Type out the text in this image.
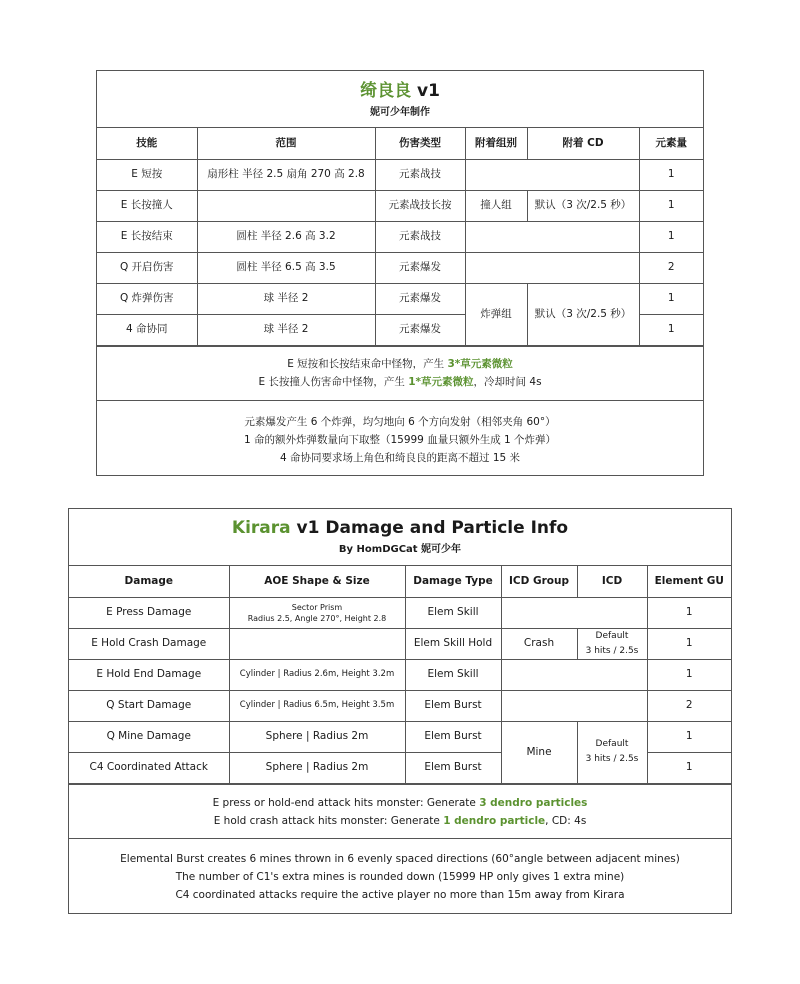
绮良良 v1
妮可少年制作
技能	范围	伤害类型	附着组别	附着 CD	元素量
E 短按	扇形柱 半径 2.5 扇角 270 高 2.8	元素战技			1
E 长按撞人		元素战技长按	撞人组	默认（3 次/2.5 秒）	1
E 长按结束	圆柱 半径 2.6 高 3.2	元素战技			1
Q 开启伤害	圆柱 半径 6.5 高 3.5	元素爆发			2
Q 炸弹伤害	球 半径 2	元素爆发	炸弹组	默认（3 次/2.5 秒）	1
4 命协同	球 半径 2	元素爆发			1
E 短按和长按结束命中怪物，产生 3*草元素微粒
E 长按撞人伤害命中怪物，产生 1*草元素微粒，冷却时间 4s
元素爆发产生 6 个炸弹，均匀地向 6 个方向发射（相邻夹角 60°）
1 命的额外炸弹数量向下取整（15999 血量只额外生成 1 个炸弹）
4 命协同要求场上角色和绮良良的距离不超过 15 米
Kirara v1 Damage and Particle Info
By HomDGCat 妮可少年
Damage	AOE Shape & Size	Damage Type	ICD Group	ICD	Element GU
E Press Damage	Sector Prism
Radius 2.5, Angle 270°, Height 2.8	Elem Skill			1
E Hold Crash Damage		Elem Skill Hold	Crash	Default
3 hits / 2.5s	1
E Hold End Damage	Cylinder | Radius 2.6m, Height 3.2m	Elem Skill			1
Q Start Damage	Cylinder | Radius 6.5m, Height 3.5m	Elem Burst			2
Q Mine Damage	Sphere | Radius 2m	Elem Burst	Mine	Default
3 hits / 2.5s	1
C4 Coordinated Attack	Sphere | Radius 2m	Elem Burst			1
E press or hold-end attack hits monster: Generate 3 dendro particles
E hold crash attack hits monster: Generate 1 dendro particle, CD: 4s
Elemental Burst creates 6 mines thrown in 6 evenly spaced directions (60°angle between adjacent mines)
The number of C1's extra mines is rounded down (15999 HP only gives 1 extra mine)
C4 coordinated attacks require the active player no more than 15m away from Kirara
